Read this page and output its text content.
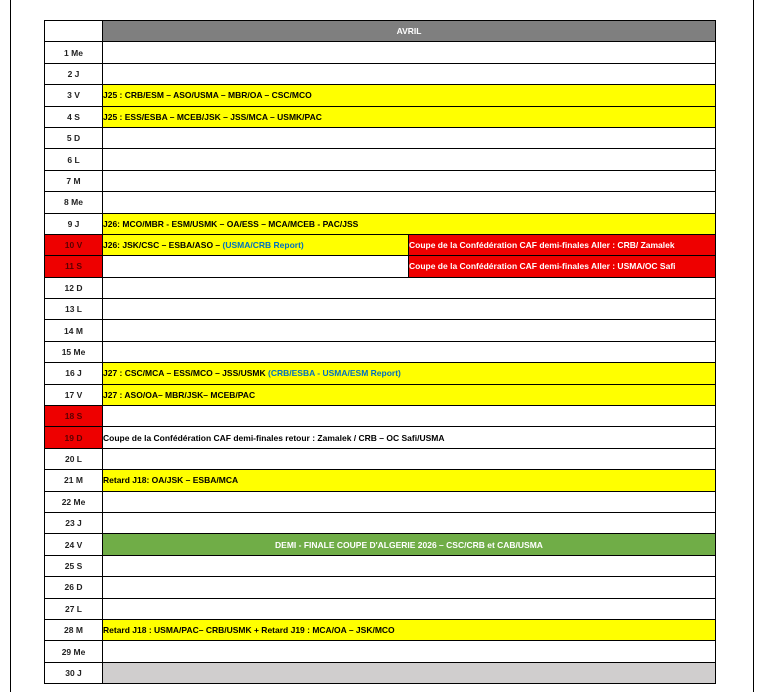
	AVRIL	
1 Me		
2 J		
3 V	J25 : CRB/ESM – ASO/USMA – MBR/OA – CSC/MCO	
4 S	J25 : ESS/ESBA – MCEB/JSK – JSS/MCA – USMK/PAC	
5 D		
6 L		
7 M		
8 Me		
9 J	J26: MCO/MBR - ESM/USMK – OA/ESS – MCA/MCEB - PAC/JSS	
10 V	J26: JSK/CSC – ESBA/ASO – (USMA/CRB Report)	Coupe de la Confédération CAF demi-finales Aller : CRB/ Zamalek
11 S		Coupe de la Confédération CAF demi-finales Aller : USMA/OC Safi
12 D		
13 L		
14 M		
15 Me		
16 J	J27 : CSC/MCA – ESS/MCO – JSS/USMK (CRB/ESBA - USMA/ESM Report)	
17 V	J27 : ASO/OA– MBR/JSK– MCEB/PAC	
18 S		
19 D	Coupe de la Confédération CAF demi-finales retour : Zamalek / CRB – OC Safi/USMA	
20 L		
21 M	Retard J18: OA/JSK – ESBA/MCA	
22 Me		
23 J		
24 V	DEMI - FINALE COUPE D'ALGERIE 2026 – CSC/CRB et CAB/USMA	
25 S		
26 D		
27 L		
28 M	Retard J18 : USMA/PAC– CRB/USMK + Retard J19 : MCA/OA – JSK/MCO	
29 Me		
30 J		
